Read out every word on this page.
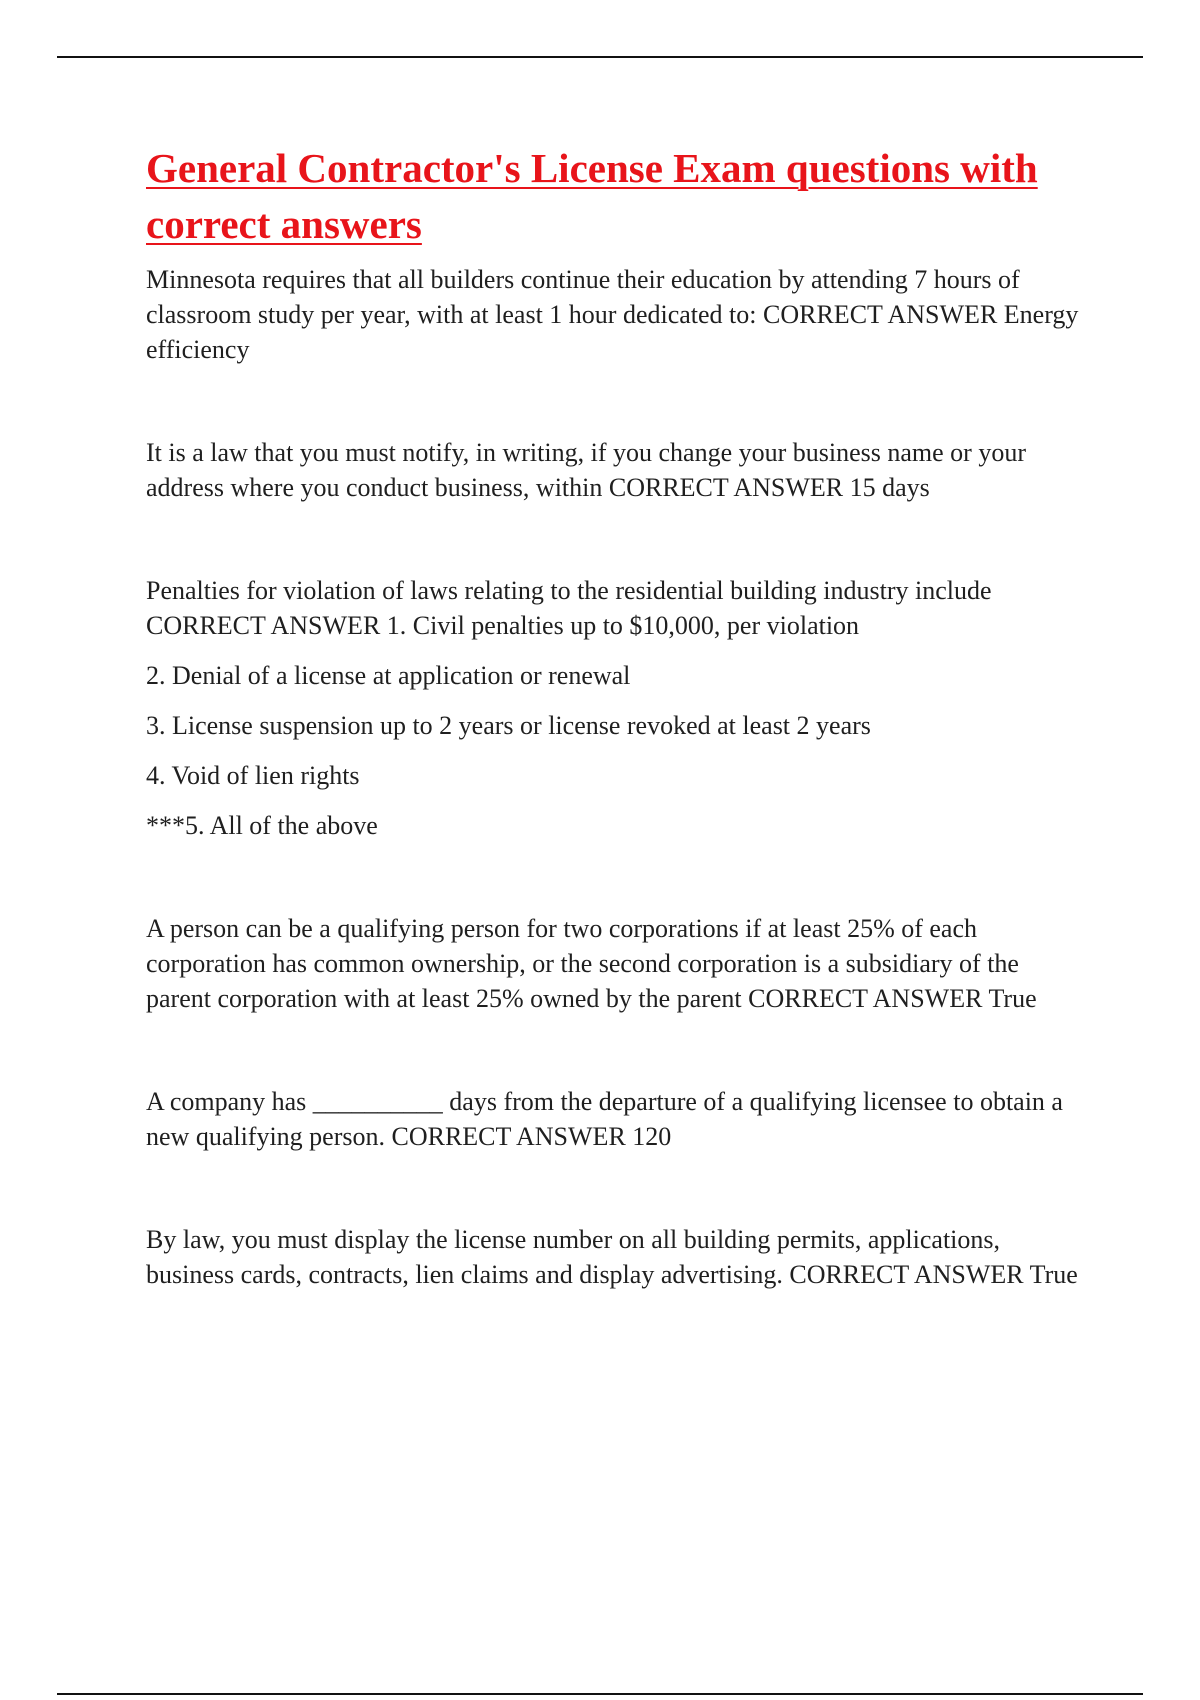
General Contractor's License Exam questions with correct answers

Minnesota requires that all builders continue their education by attending 7 hours of classroom study per year, with at least 1 hour dedicated to: CORRECT ANSWER Energy efficiency

It is a law that you must notify, in writing, if you change your business name or your address where you conduct business, within CORRECT ANSWER 15 days

Penalties for violation of laws relating to the residential building industry include CORRECT ANSWER 1. Civil penalties up to $10,000, per violation

2. Denial of a license at application or renewal

3. License suspension up to 2 years or license revoked at least 2 years

4. Void of lien rights

***5. All of the above

A person can be a qualifying person for two corporations if at least 25% of each corporation has common ownership, or the second corporation is a subsidiary of the parent corporation with at least 25% owned by the parent CORRECT ANSWER True

A company has __________ days from the departure of a qualifying licensee to obtain a new qualifying person. CORRECT ANSWER 120

By law, you must display the license number on all building permits, applications, business cards, contracts, lien claims and display advertising. CORRECT ANSWER True
